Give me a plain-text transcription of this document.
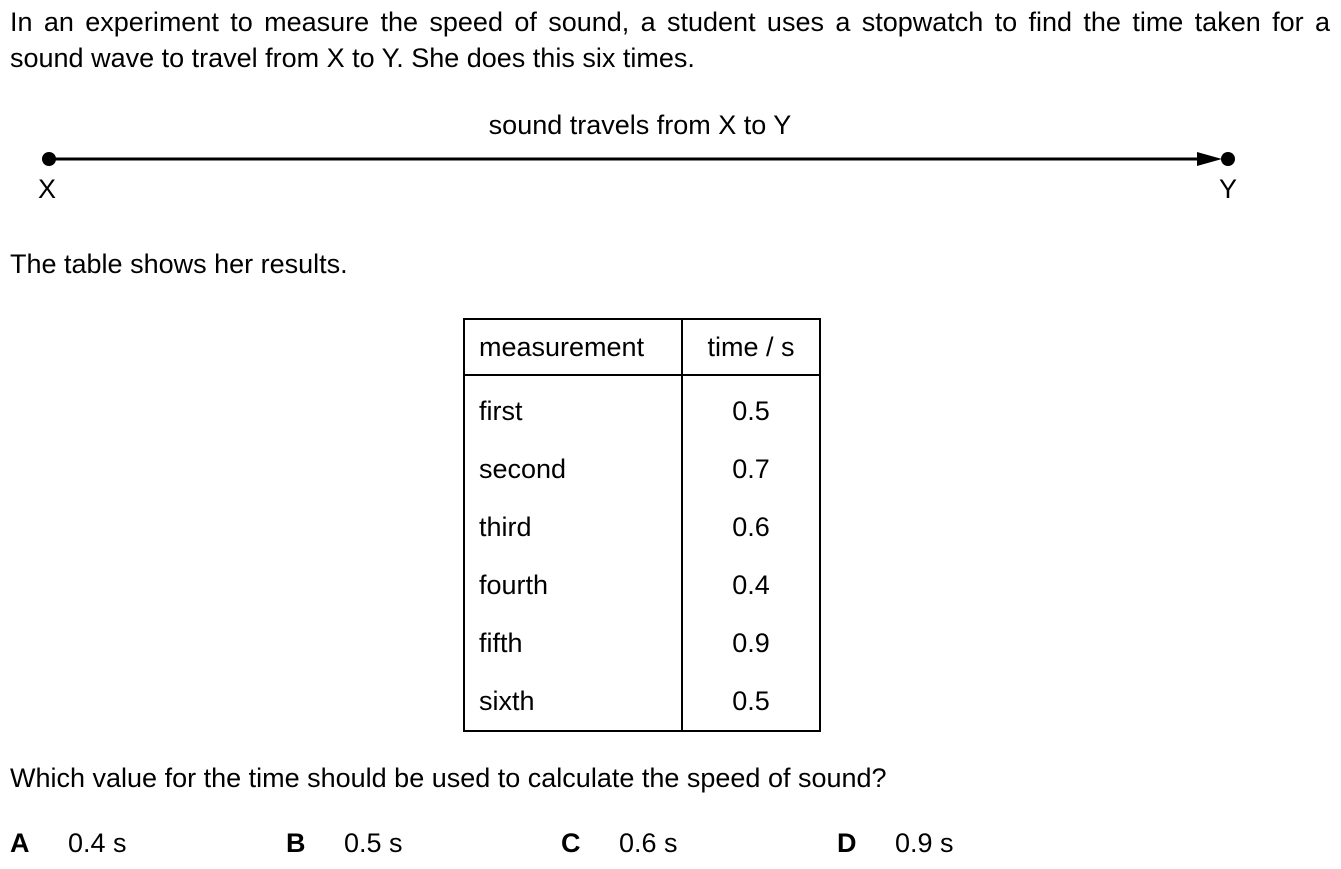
In an experiment to measure the speed of sound, a student uses a stopwatch to find the time taken for a sound wave to travel from X to Y. She does this six times.
sound travels from X to Y
X	Y
The table shows her results.
measurement	time / s
first	0.5
second	0.7
third	0.6
fourth	0.4
fifth	0.9
sixth	0.5
Which value for the time should be used to calculate the speed of sound?
A 0.4 s	B 0.5 s	C 0.6 s	D 0.9 s
